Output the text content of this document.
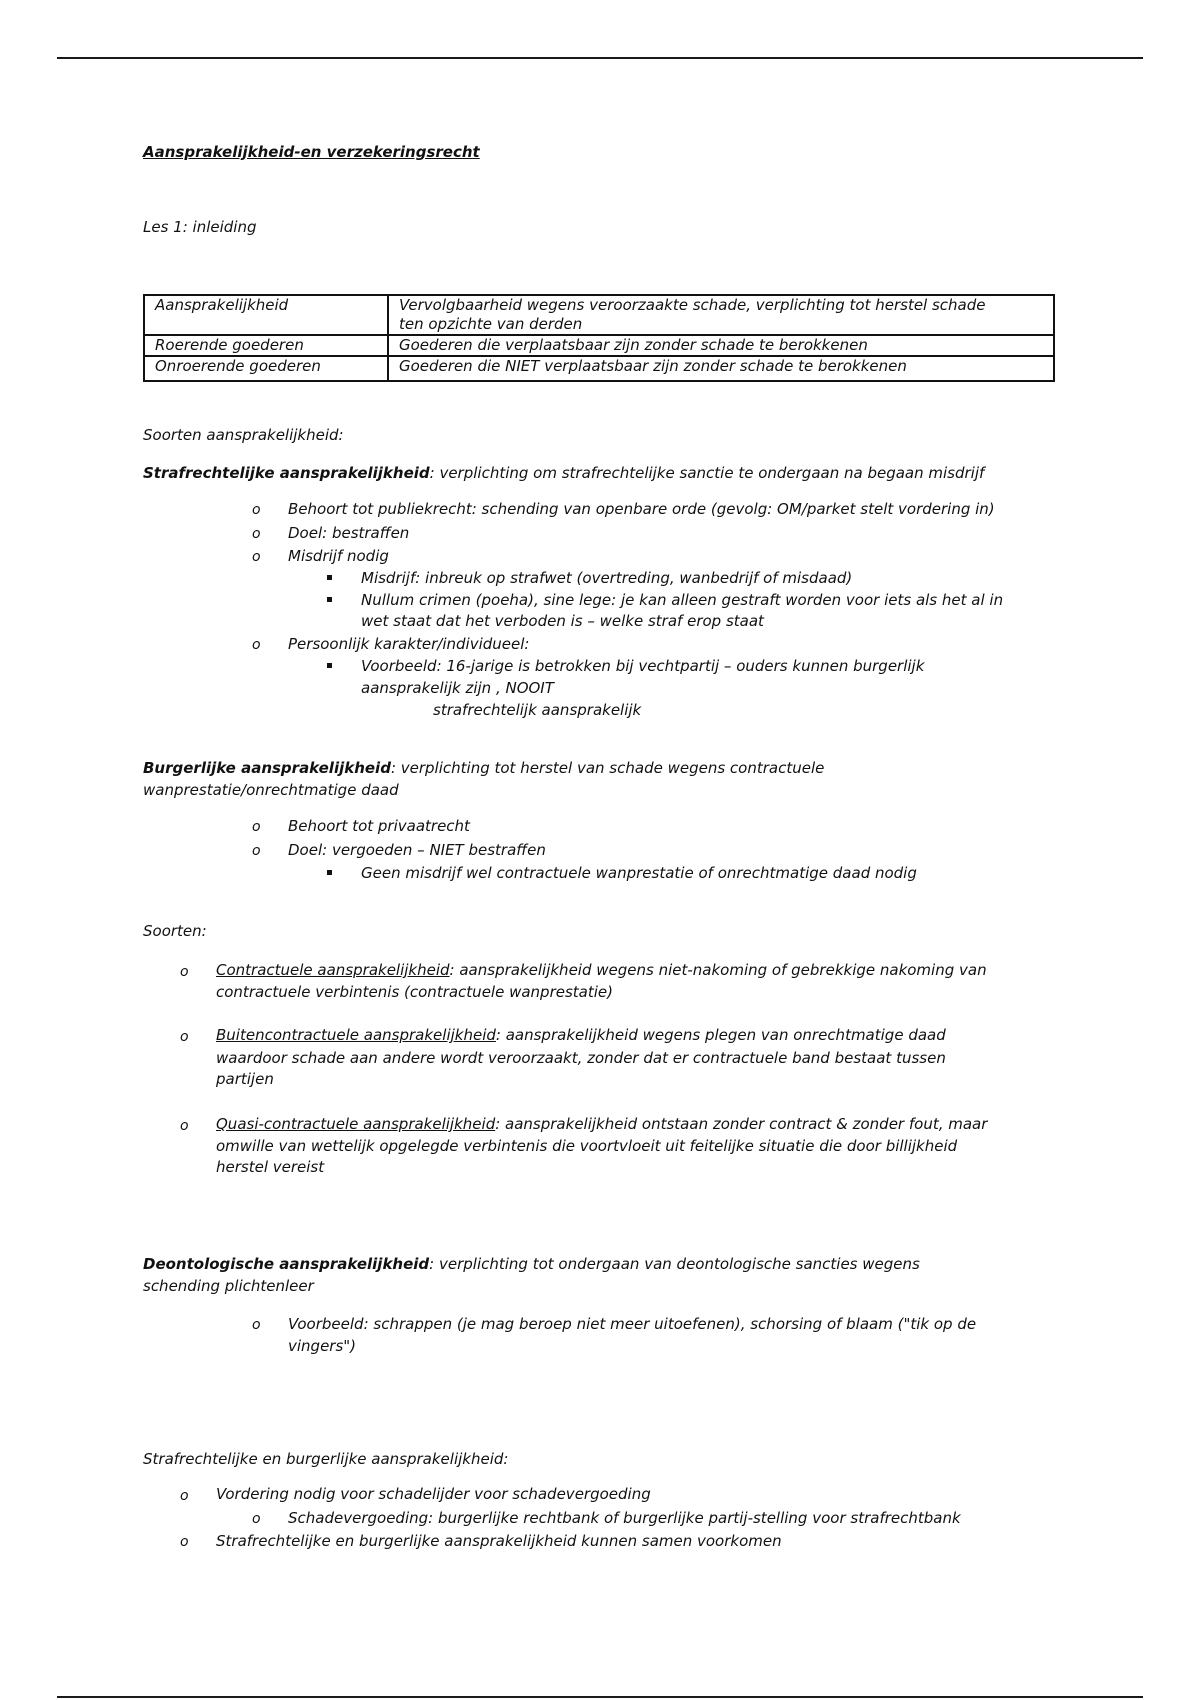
Aansprakelijkheid-en verzekeringsrecht
Les 1: inleiding
Aansprakelijkheid	Vervolgbaarheid wegens veroorzaakte schade, verplichting tot herstel schade
ten opzichte van derden

Roerende goederen	Goederen die verplaatsbaar zijn zonder schade te berokkenen
Onroerende goederen	Goederen die NIET verplaatsbaar zijn zonder schade te berokkenen
Soorten aansprakelijkheid:
Strafrechtelijke aansprakelijkheid: verplichting om strafrechtelijke sanctie te ondergaan na begaan misdrijf
o Behoort tot publiekrecht: schending van openbare orde (gevolg: OM/parket stelt vordering in)
o Doel: bestraffen
o Misdrijf nodig
Misdrijf: inbreuk op strafwet (overtreding, wanbedrijf of misdaad)
Nullum crimen (poeha), sine lege: je kan alleen gestraft worden voor iets als het al in
wet staat dat het verboden is – welke straf erop staat
o Persoonlijk karakter/individueel:
Voorbeeld: 16-jarige is betrokken bij vechtpartij – ouders kunnen burgerlijk
aansprakelijk zijn , NOOIT
strafrechtelijk aansprakelijk
Burgerlijke aansprakelijkheid: verplichting tot herstel van schade wegens contractuele
wanprestatie/onrechtmatige daad
o Behoort tot privaatrecht
o Doel: vergoeden – NIET bestraffen
Geen misdrijf wel contractuele wanprestatie of onrechtmatige daad nodig
Soorten:
o Contractuele aansprakelijkheid: aansprakelijkheid wegens niet-nakoming of gebrekkige nakoming van
contractuele verbintenis (contractuele wanprestatie)
o Buitencontractuele aansprakelijkheid: aansprakelijkheid wegens plegen van onrechtmatige daad
waardoor schade aan andere wordt veroorzaakt, zonder dat er contractuele band bestaat tussen
partijen
o Quasi-contractuele aansprakelijkheid: aansprakelijkheid ontstaan zonder contract & zonder fout, maar
omwille van wettelijk opgelegde verbintenis die voortvloeit uit feitelijke situatie die door billijkheid
herstel vereist
Deontologische aansprakelijkheid: verplichting tot ondergaan van deontologische sancties wegens
schending plichtenleer
o Voorbeeld: schrappen (je mag beroep niet meer uitoefenen), schorsing of blaam ("tik op de
vingers")
Strafrechtelijke en burgerlijke aansprakelijkheid:
o Vordering nodig voor schadelijder voor schadevergoeding
o Schadevergoeding: burgerlijke rechtbank of burgerlijke partij-stelling voor strafrechtbank
o Strafrechtelijke en burgerlijke aansprakelijkheid kunnen samen voorkomen
